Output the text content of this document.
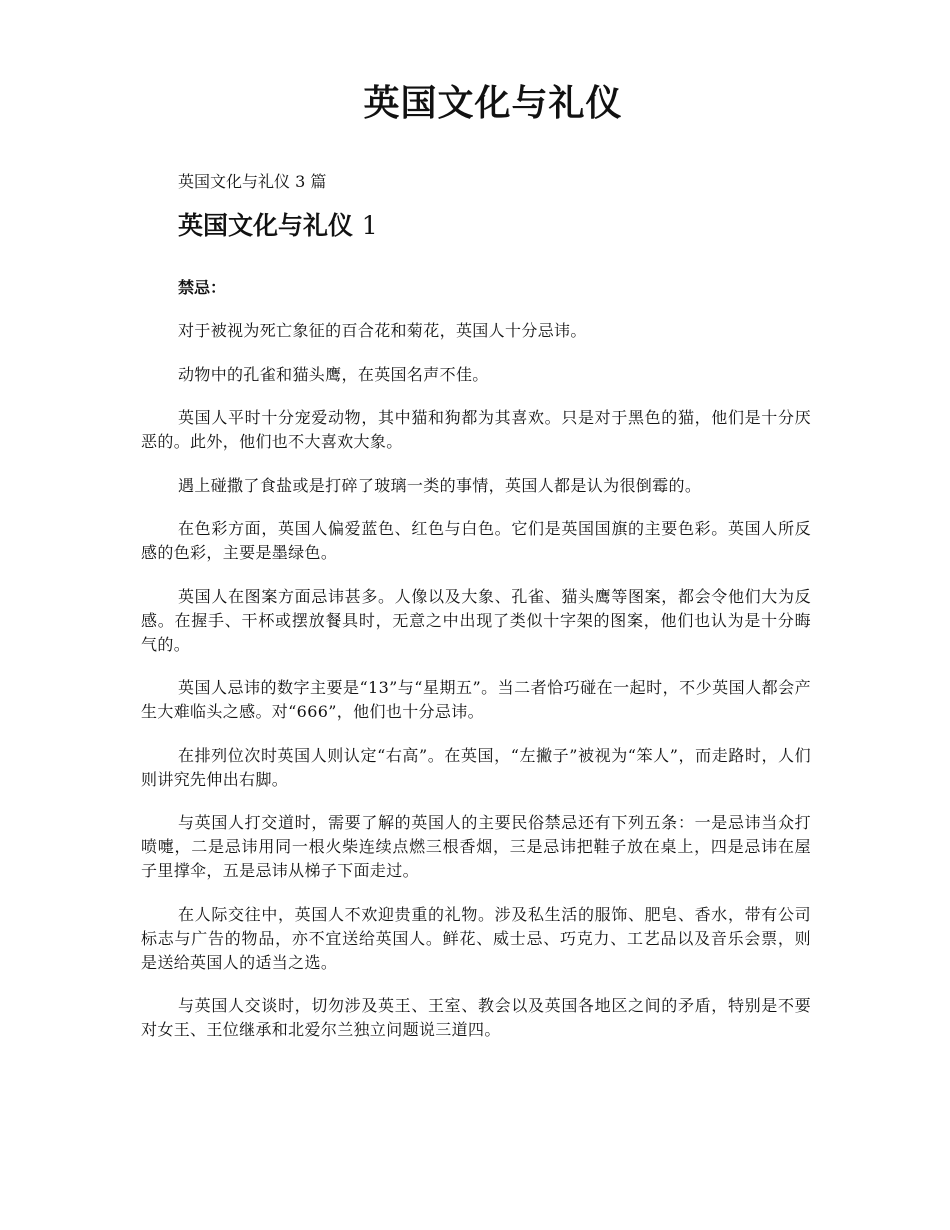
英国文化与礼仪

英国文化与礼仪 3 篇

英国文化与礼仪 1

禁忌：

对于被视为死亡象征的百合花和菊花，英国人十分忌讳。

动物中的孔雀和猫头鹰，在英国名声不佳。

英国人平时十分宠爱动物，其中猫和狗都为其喜欢。只是对于黑色的猫，他们是十分厌恶的。此外，他们也不大喜欢大象。

遇上碰撒了食盐或是打碎了玻璃一类的事情，英国人都是认为很倒霉的。

在色彩方面，英国人偏爱蓝色、红色与白色。它们是英国国旗的主要色彩。英国人所反感的色彩，主要是墨绿色。

英国人在图案方面忌讳甚多。人像以及大象、孔雀、猫头鹰等图案，都会令他们大为反感。在握手、干杯或摆放餐具时，无意之中出现了类似十字架的图案，他们也认为是十分晦气的。

英国人忌讳的数字主要是“13”与“星期五”。当二者恰巧碰在一起时，不少英国人都会产生大难临头之感。对“666”，他们也十分忌讳。

在排列位次时英国人则认定“右高”。在英国，“左撇子”被视为“笨人”，而走路时，人们则讲究先伸出右脚。

与英国人打交道时，需要了解的英国人的主要民俗禁忌还有下列五条：一是忌讳当众打喷嚏，二是忌讳用同一根火柴连续点燃三根香烟，三是忌讳把鞋子放在桌上，四是忌讳在屋子里撑伞，五是忌讳从梯子下面走过。

在人际交往中，英国人不欢迎贵重的礼物。涉及私生活的服饰、肥皂、香水，带有公司标志与广告的物品，亦不宜送给英国人。鲜花、威士忌、巧克力、工艺品以及音乐会票，则是送给英国人的适当之选。

与英国人交谈时，切勿涉及英王、王室、教会以及英国各地区之间的矛盾，特别是不要对女王、王位继承和北爱尔兰独立问题说三道四。
